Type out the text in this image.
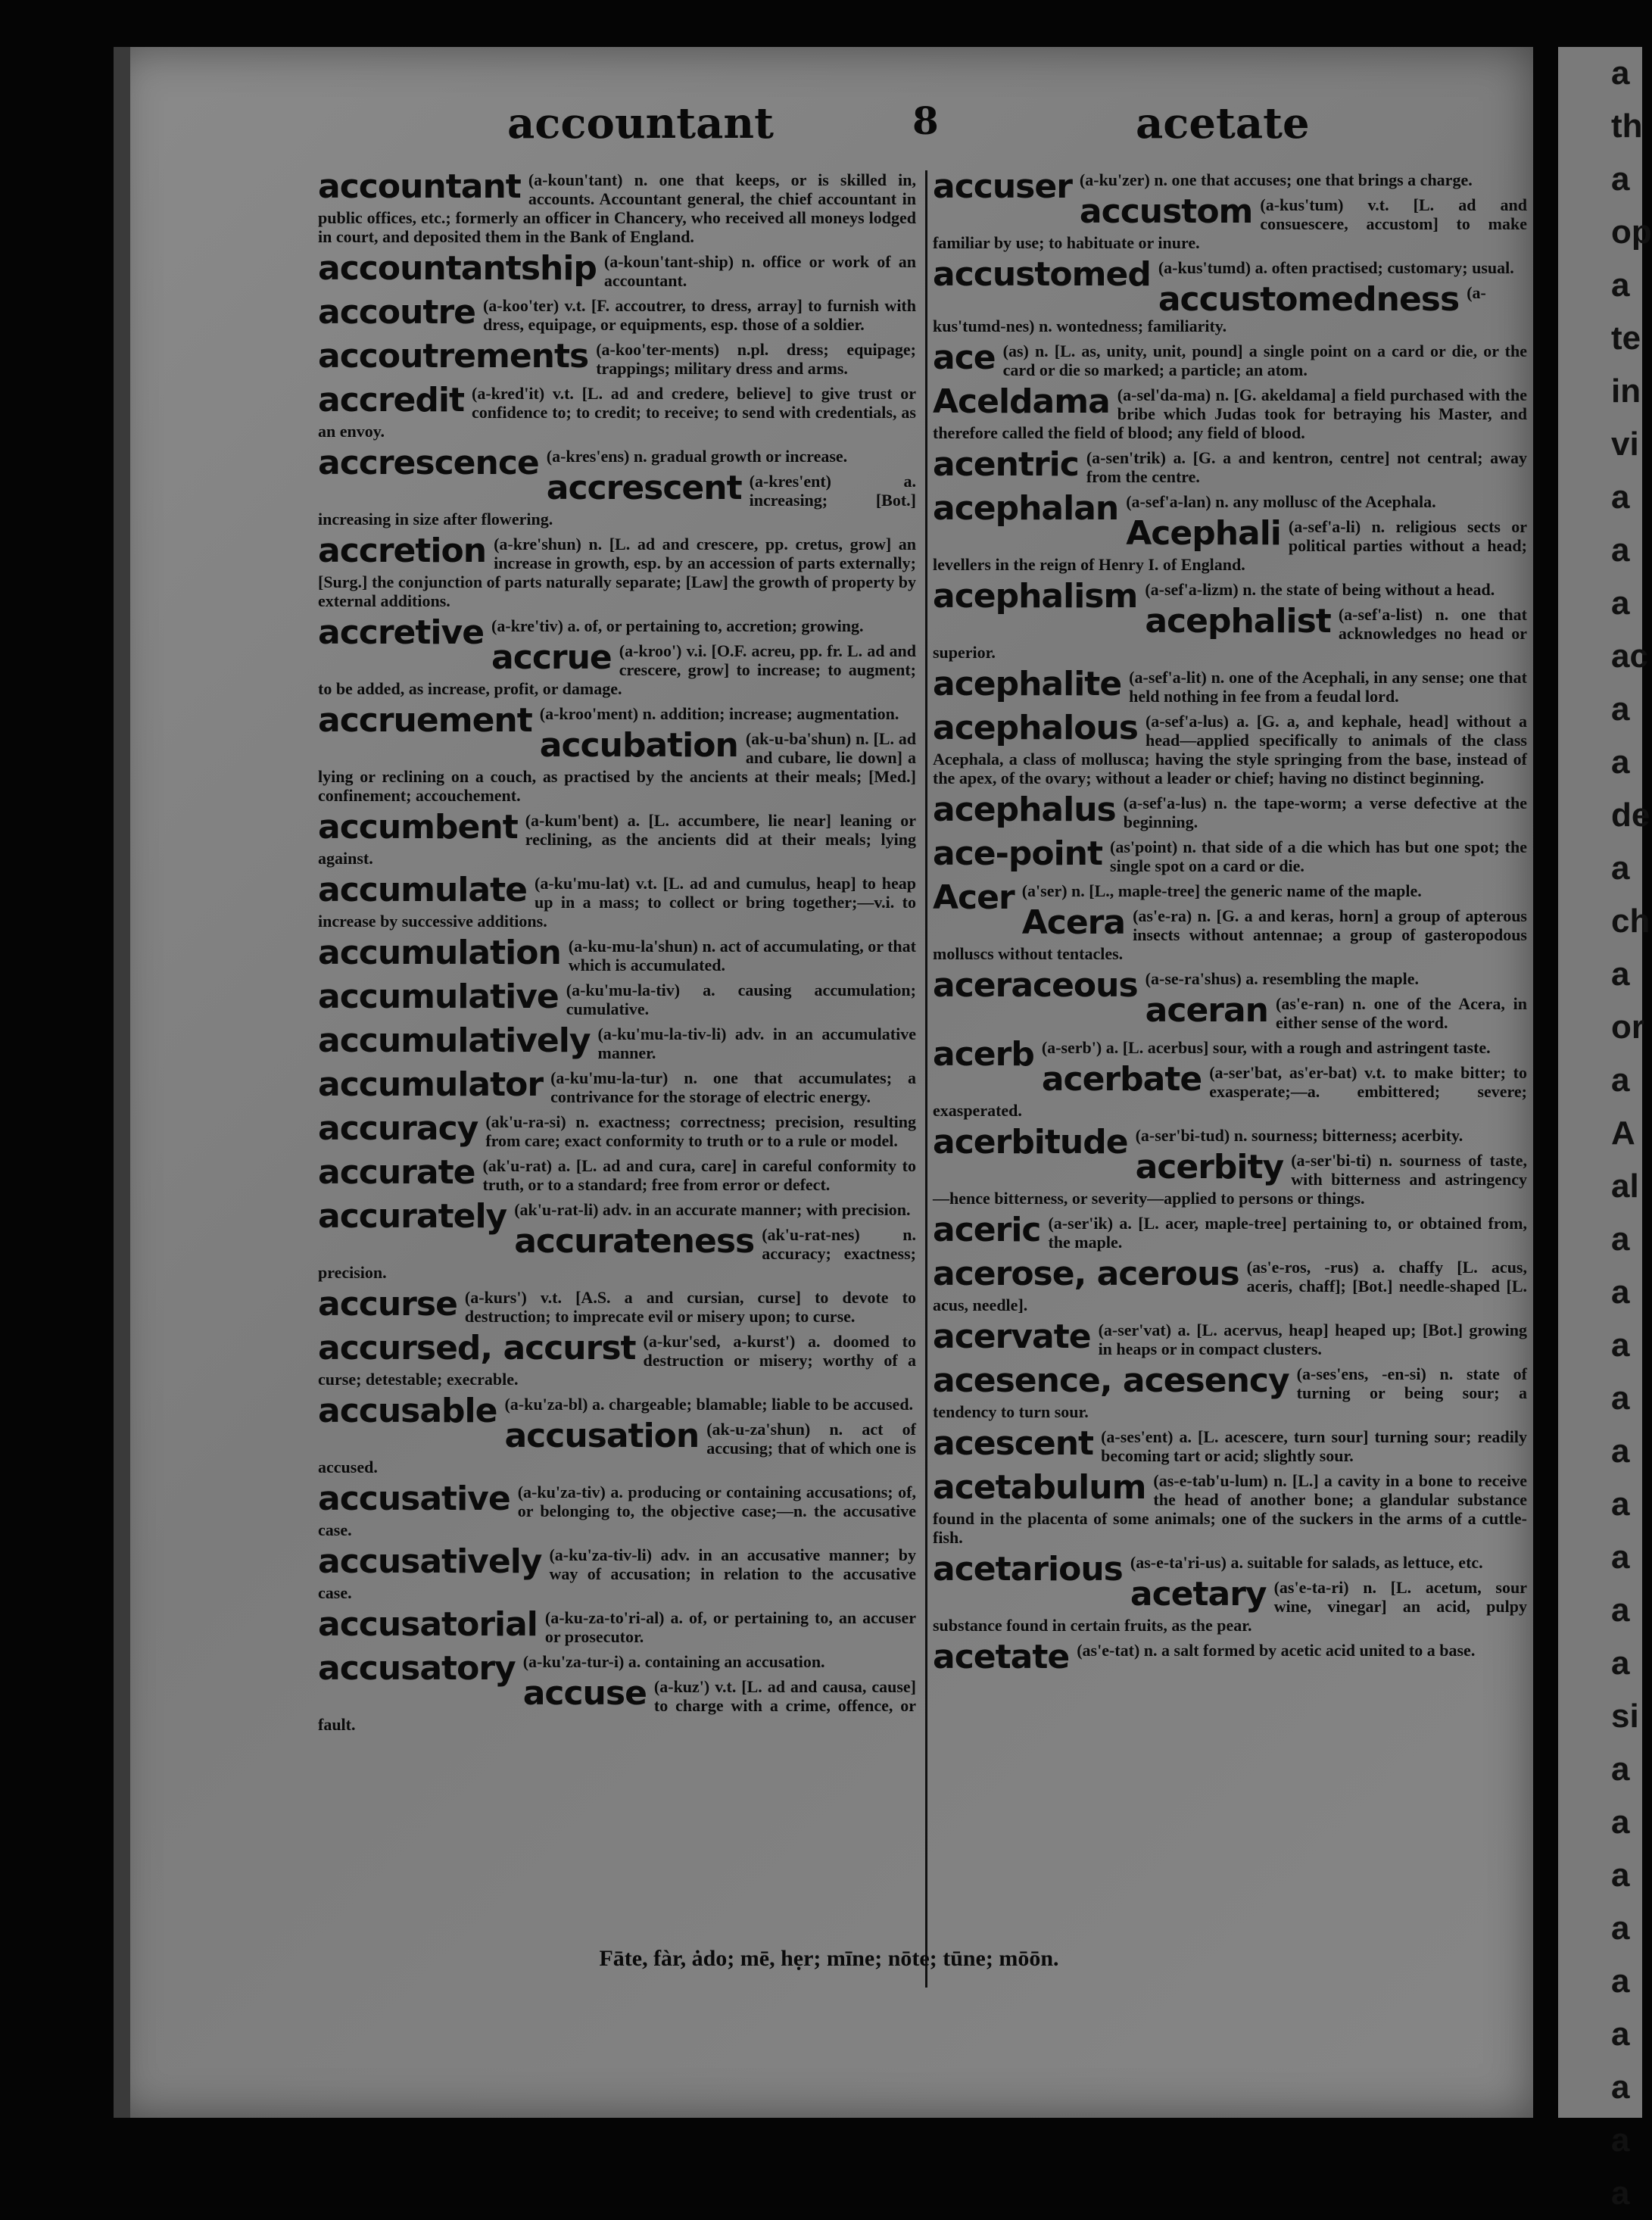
a
th
a
op
a
te
in
vi
a
a
a
ac
a
a
de
a
ch
a
or
a
A
al
a
a
a
a
a
a
a
a
a
si
a
a
a
a
a
a
a
a
a
accountant	8	acetate

accountant (a-koun'tant) n. one that keeps, or is skilled in, accounts. Accountant general, the chief accountant in public offices, etc.; formerly an officer in Chancery, who received all moneys lodged in court, and deposited them in the Bank of England.

accountantship (a-koun'tant-ship) n. office or work of an accountant.

accoutre (a-koo'ter) v.t. [F. accoutrer, to dress, array] to furnish with dress, equipage, or equipments, esp. those of a soldier.

accoutrements (a-koo'ter-ments) n.pl. dress; equipage; trappings; military dress and arms.

accredit (a-kred'it) v.t. [L. ad and credere, believe] to give trust or confidence to; to credit; to receive; to send with credentials, as an envoy.

accrescence (a-kres'ens) n. gradual growth or increase.

accrescent (a-kres'ent) a. increasing; [Bot.] increasing in size after flowering.

accretion (a-kre'shun) n. [L. ad and crescere, pp. cretus, grow] an increase in growth, esp. by an accession of parts externally; [Surg.] the conjunction of parts naturally separate; [Law] the growth of property by external additions.

accretive (a-kre'tiv) a. of, or pertaining to, accretion; growing.

accrue (a-kroo') v.i. [O.F. acreu, pp. fr. L. ad and crescere, grow] to increase; to augment; to be added, as increase, profit, or damage.

accruement (a-kroo'ment) n. addition; increase; augmentation.

accubation (ak-u-ba'shun) n. [L. ad and cubare, lie down] a lying or reclining on a couch, as practised by the ancients at their meals; [Med.] confinement; accouchement.

accumbent (a-kum'bent) a. [L. accumbere, lie near] leaning or reclining, as the ancients did at their meals; lying against.

accumulate (a-ku'mu-lat) v.t. [L. ad and cumulus, heap] to heap up in a mass; to collect or bring together;—v.i. to increase by successive additions.

accumulation (a-ku-mu-la'shun) n. act of accumulating, or that which is accumulated.

accumulative (a-ku'mu-la-tiv) a. causing accumulation; cumulative.

accumulatively (a-ku'mu-la-tiv-li) adv. in an accumulative manner.

accumulator (a-ku'mu-la-tur) n. one that accumulates; a contrivance for the storage of electric energy.

accuracy (ak'u-ra-si) n. exactness; correctness; precision, resulting from care; exact conformity to truth or to a rule or model.

accurate (ak'u-rat) a. [L. ad and cura, care] in careful conformity to truth, or to a standard; free from error or defect.

accurately (ak'u-rat-li) adv. in an accurate manner; with precision.

accurateness (ak'u-rat-nes) n. accuracy; exactness; precision.

accurse (a-kurs') v.t. [A.S. a and cursian, curse] to devote to destruction; to imprecate evil or misery upon; to curse.

accursed, accurst (a-kur'sed, a-kurst') a. doomed to destruction or misery; worthy of a curse; detestable; execrable.

accusable (a-ku'za-bl) a. chargeable; blamable; liable to be accused.

accusation (ak-u-za'shun) n. act of accusing; that of which one is accused.

accusative (a-ku'za-tiv) a. producing or containing accusations; of, or belonging to, the objective case;—n. the accusative case.

accusatively (a-ku'za-tiv-li) adv. in an accusative manner; by way of accusation; in relation to the accusative case.

accusatorial (a-ku-za-to'ri-al) a. of, or pertaining to, an accuser or prosecutor.

accusatory (a-ku'za-tur-i) a. containing an accusation.

accuse (a-kuz') v.t. [L. ad and causa, cause] to charge with a crime, offence, or fault.

accuser (a-ku'zer) n. one that accuses; one that brings a charge.

accustom (a-kus'tum) v.t. [L. ad and consuescere, accustom] to make familiar by use; to habituate or inure.

accustomed (a-kus'tumd) a. often practised; customary; usual.

accustomedness (a-kus'tumd-nes) n. wontedness; familiarity.

ace (as) n. [L. as, unity, unit, pound] a single point on a card or die, or the card or die so marked; a particle; an atom.

Aceldama (a-sel'da-ma) n. [G. akeldama] a field purchased with the bribe which Judas took for betraying his Master, and therefore called the field of blood; any field of blood.

acentric (a-sen'trik) a. [G. a and kentron, centre] not central; away from the centre.

acephalan (a-sef'a-lan) n. any mollusc of the Acephala.

Acephali (a-sef'a-li) n. religious sects or political parties without a head; levellers in the reign of Henry I. of England.

acephalism (a-sef'a-lizm) n. the state of being without a head.

acephalist (a-sef'a-list) n. one that acknowledges no head or superior.

acephalite (a-sef'a-lit) n. one of the Acephali, in any sense; one that held nothing in fee from a feudal lord.

acephalous (a-sef'a-lus) a. [G. a, and kephale, head] without a head—applied specifically to animals of the class Acephala, a class of mollusca; having the style springing from the base, instead of the apex, of the ovary; without a leader or chief; having no distinct beginning.

acephalus (a-sef'a-lus) n. the tape-worm; a verse defective at the beginning.

ace-point (as'point) n. that side of a die which has but one spot; the single spot on a card or die.

Acer (a'ser) n. [L., maple-tree] the generic name of the maple.

Acera (as'e-ra) n. [G. a and keras, horn] a group of apterous insects without antennae; a group of gasteropodous molluscs without tentacles.

aceraceous (a-se-ra'shus) a. resembling the maple.

aceran (as'e-ran) n. one of the Acera, in either sense of the word.

acerb (a-serb') a. [L. acerbus] sour, with a rough and astringent taste.

acerbate (a-ser'bat, as'er-bat) v.t. to make bitter; to exasperate;—a. embittered; severe; exasperated.

acerbitude (a-ser'bi-tud) n. sourness; bitterness; acerbity.

acerbity (a-ser'bi-ti) n. sourness of taste, with bitterness and astringency—hence bitterness, or severity—applied to persons or things.

aceric (a-ser'ik) a. [L. acer, maple-tree] pertaining to, or obtained from, the maple.

acerose, acerous (as'e-ros, -rus) a. chaffy [L. acus, aceris, chaff]; [Bot.] needle-shaped [L. acus, needle].

acervate (a-ser'vat) a. [L. acervus, heap] heaped up; [Bot.] growing in heaps or in compact clusters.

acesence, acesency (a-ses'ens, -en-si) n. state of turning or being sour; a tendency to turn sour.

acescent (a-ses'ent) a. [L. acescere, turn sour] turning sour; readily becoming tart or acid; slightly sour.

acetabulum (as-e-tab'u-lum) n. [L.] a cavity in a bone to receive the head of another bone; a glandular substance found in the placenta of some animals; one of the suckers in the arms of a cuttle-fish.

acetarious (as-e-ta'ri-us) a. suitable for salads, as lettuce, etc.

acetary (as'e-ta-ri) n. [L. acetum, sour wine, vinegar] an acid, pulpy substance found in certain fruits, as the pear.

acetate (as'e-tat) n. a salt formed by acetic acid united to a base.

Fāte, fàr, ȧdo; mē, hẹr; mīne; nōte; tūne; mōōn.
